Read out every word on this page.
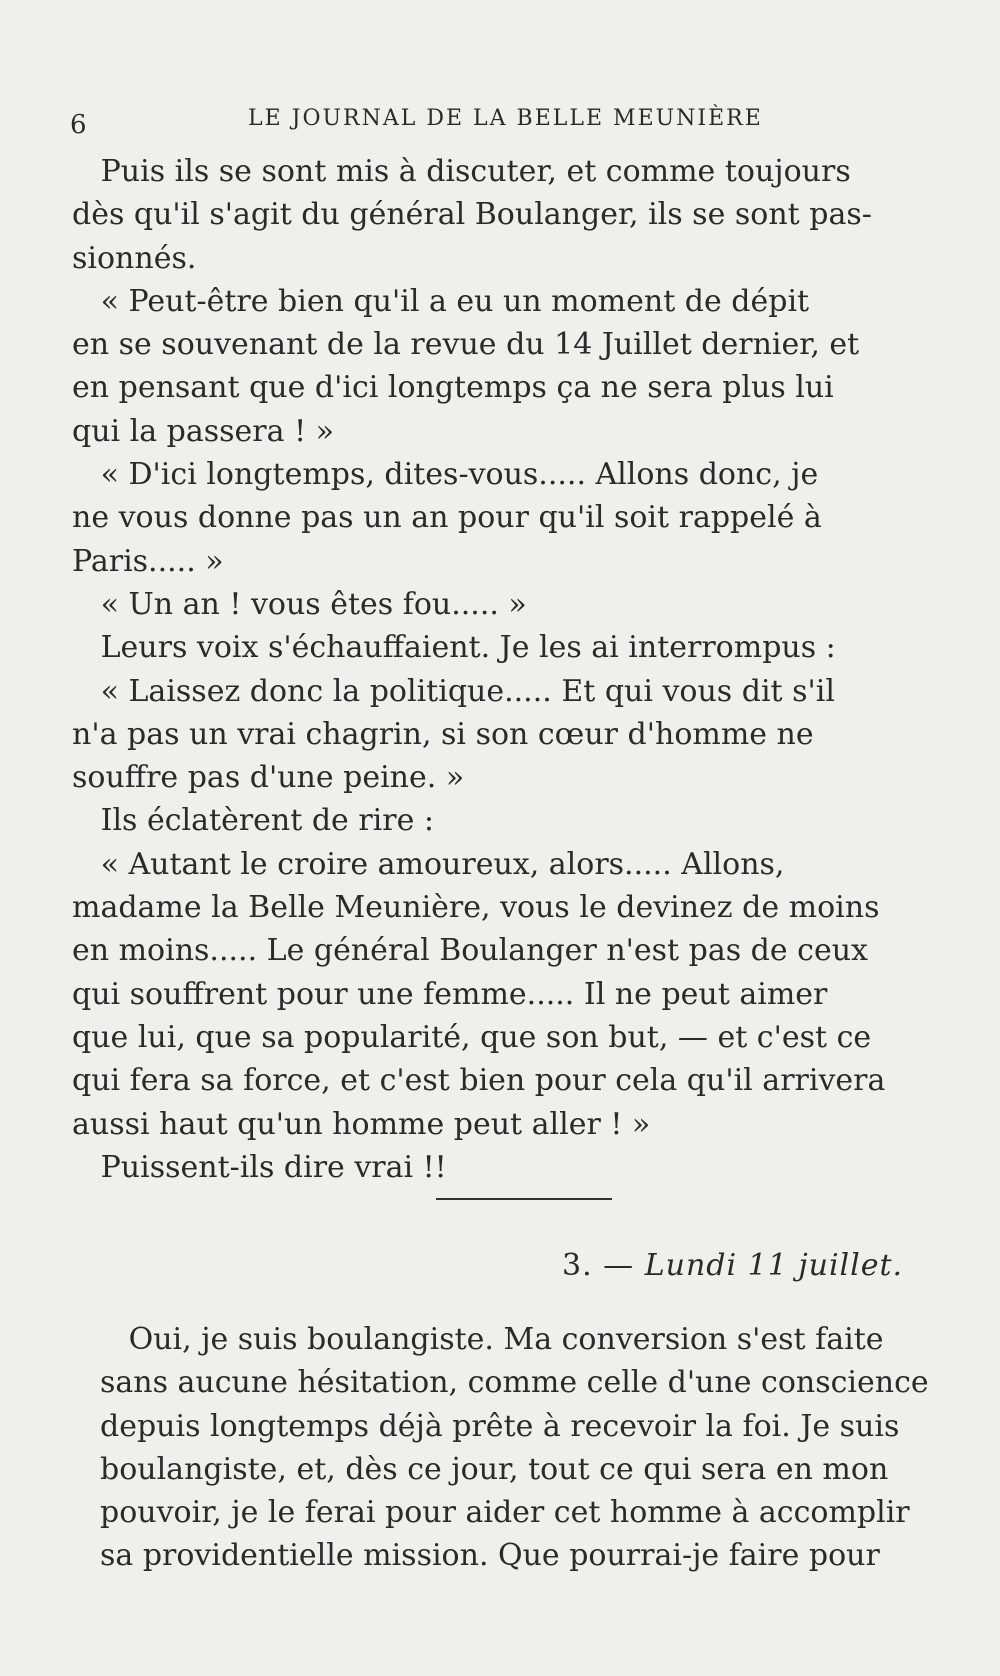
6	LE JOURNAL DE LA BELLE MEUNIÈRE
Puis ils se sont mis à discuter, et comme toujours
dès qu'il s'agit du général Boulanger, ils se sont pas-
sionnés.
« Peut-être bien qu'il a eu un moment de dépit
en se souvenant de la revue du 14 Juillet dernier, et
en pensant que d'ici longtemps ça ne sera plus lui
qui la passera ! »
« D'ici longtemps, dites-vous..... Allons donc, je
ne vous donne pas un an pour qu'il soit rappelé à
Paris..... »
« Un an ! vous êtes fou..... »
Leurs voix s'échauffaient. Je les ai interrompus :
« Laissez donc la politique..... Et qui vous dit s'il
n'a pas un vrai chagrin, si son cœur d'homme ne
souffre pas d'une peine. »
Ils éclatèrent de rire :
« Autant le croire amoureux, alors..... Allons,
madame la Belle Meunière, vous le devinez de moins
en moins..... Le général Boulanger n'est pas de ceux
qui souffrent pour une femme..... Il ne peut aimer
que lui, que sa popularité, que son but, — et c'est ce
qui fera sa force, et c'est bien pour cela qu'il arrivera
aussi haut qu'un homme peut aller ! »
Puissent-ils dire vrai !!
3. — Lundi 11 juillet.
Oui, je suis boulangiste. Ma conversion s'est faite
sans aucune hésitation, comme celle d'une conscience
depuis longtemps déjà prête à recevoir la foi. Je suis
boulangiste, et, dès ce jour, tout ce qui sera en mon
pouvoir, je le ferai pour aider cet homme à accomplir
sa providentielle mission. Que pourrai-je faire pour
